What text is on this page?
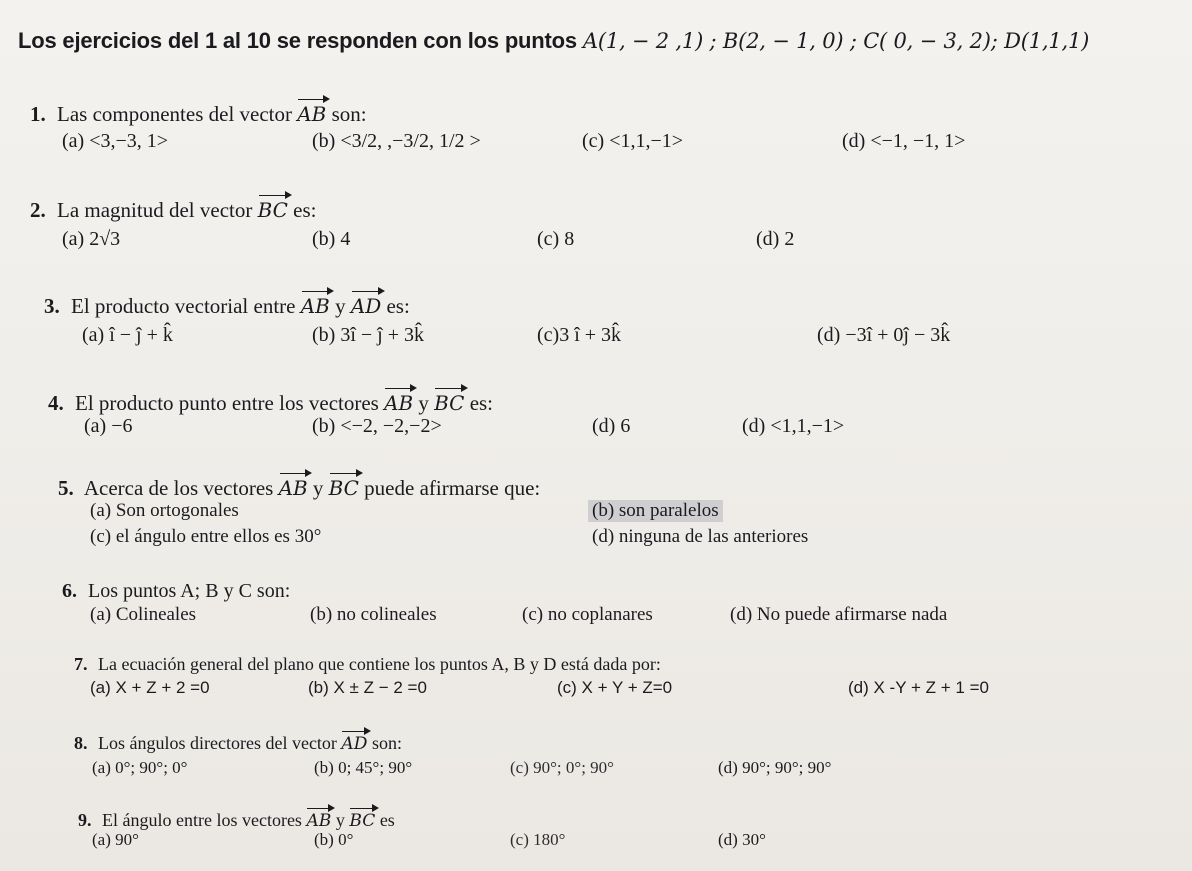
Los ejercicios del 1 al 10 se responden con los puntos A(1, − 2 ,1) ; B(2, − 1, 0) ; C( 0, − 3, 2); D(1,1,1)
1. Las componentes del vector AB son:
(a) <3,−3, 1>	(b) <3/2, ,−3/2, 1/2 >	(c) <1,1,−1>	(d) <−1, −1, 1>
2. La magnitud del vector BC es:
(a) 2√3	(b) 4	(c) 8	(d) 2
3. El producto vectorial entre AB y AD es:
(a) î − ĵ + k̂	(b) 3î − ĵ + 3k̂	(c)3 î + 3k̂	(d) −3î + 0ĵ − 3k̂
4. El producto punto entre los vectores AB y BC es:
(a) −6	(b) <−2, −2,−2>	(d) 6	(d) <1,1,−1>
5. Acerca de los vectores AB y BC puede afirmarse que:
(a) Son ortogonales	(b) son paralelos
(c) el ángulo entre ellos es 30°	(d) ninguna de las anteriores
6. Los puntos A; B y C son:
(a) Colineales	(b) no colineales	(c) no coplanares	(d) No puede afirmarse nada
7. La ecuación general del plano que contiene los puntos A, B y D está dada por:
(a) X + Z + 2 =0	(b) X ± Z − 2 =0	(c) X + Y + Z=0	(d) X -Y + Z + 1 =0
8. Los ángulos directores del vector AD son:
(a) 0°; 90°; 0°	(b) 0; 45°; 90°	(c) 90°; 0°; 90°	(d) 90°; 90°; 90°
9. El ángulo entre los vectores AB y BC es
(a) 90°	(b) 0°	(c) 180°	(d) 30°
